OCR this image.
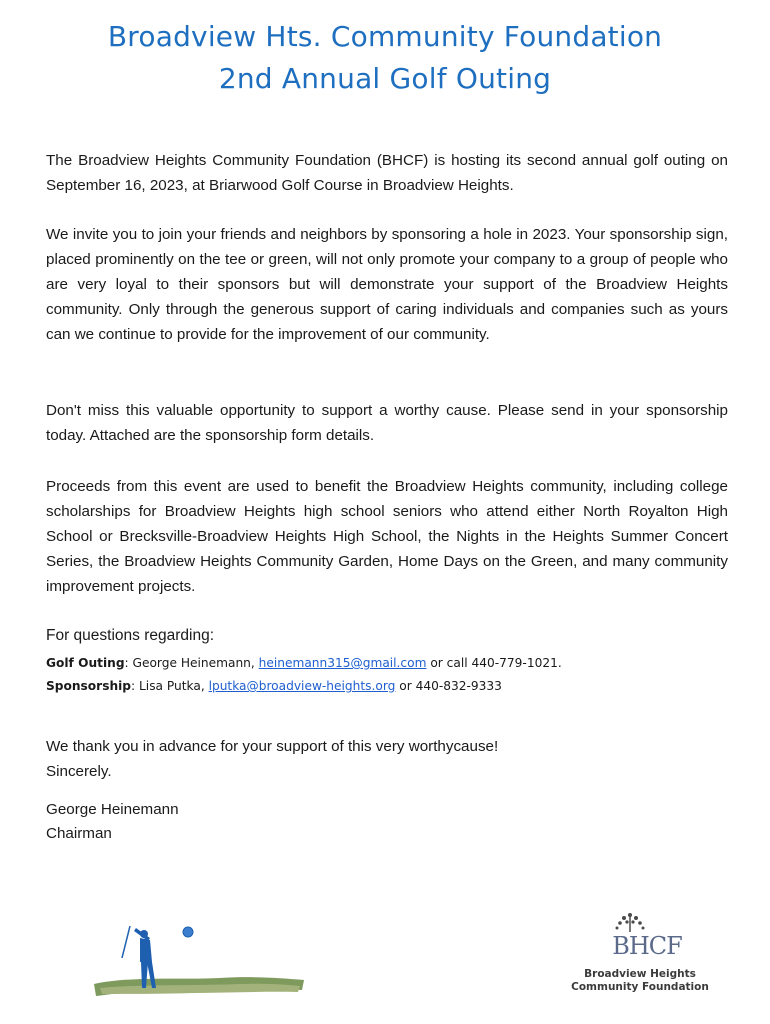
Broadview Hts. Community Foundation
2nd Annual Golf Outing
The Broadview Heights Community Foundation (BHCF) is hosting its second annual golf outing on September 16, 2023, at Briarwood Golf Course in Broadview Heights.
We invite you to join your friends and neighbors by sponsoring a hole in 2023. Your sponsorship sign, placed prominently on the tee or green, will not only promote your company to a group of people who are very loyal to their sponsors but will demonstrate your support of the Broadview Heights community. Only through the generous support of caring individuals and companies such as yours can we continue to provide for the improvement of our community.
Don't miss this valuable opportunity to support a worthy cause. Please send in your sponsorship today. Attached are the sponsorship form details.
Proceeds from this event are used to benefit the Broadview Heights community, including college scholarships for Broadview Heights high school seniors who attend either North Royalton High School or Brecksville-Broadview Heights High School, the Nights in the Heights Summer Concert Series, the Broadview Heights Community Garden, Home Days on the Green, and many community improvement projects.
For questions regarding:
Golf Outing: George Heinemann, heinemann315@gmail.com or call 440-779-1021.
Sponsorship: Lisa Putka, lputka@broadview-heights.org or 440-832-9333
We thank you in advance for your support of this very worthycause!
Sincerely.
George Heinemann
Chairman
BHCF
Broadview Heights
Community Foundation
